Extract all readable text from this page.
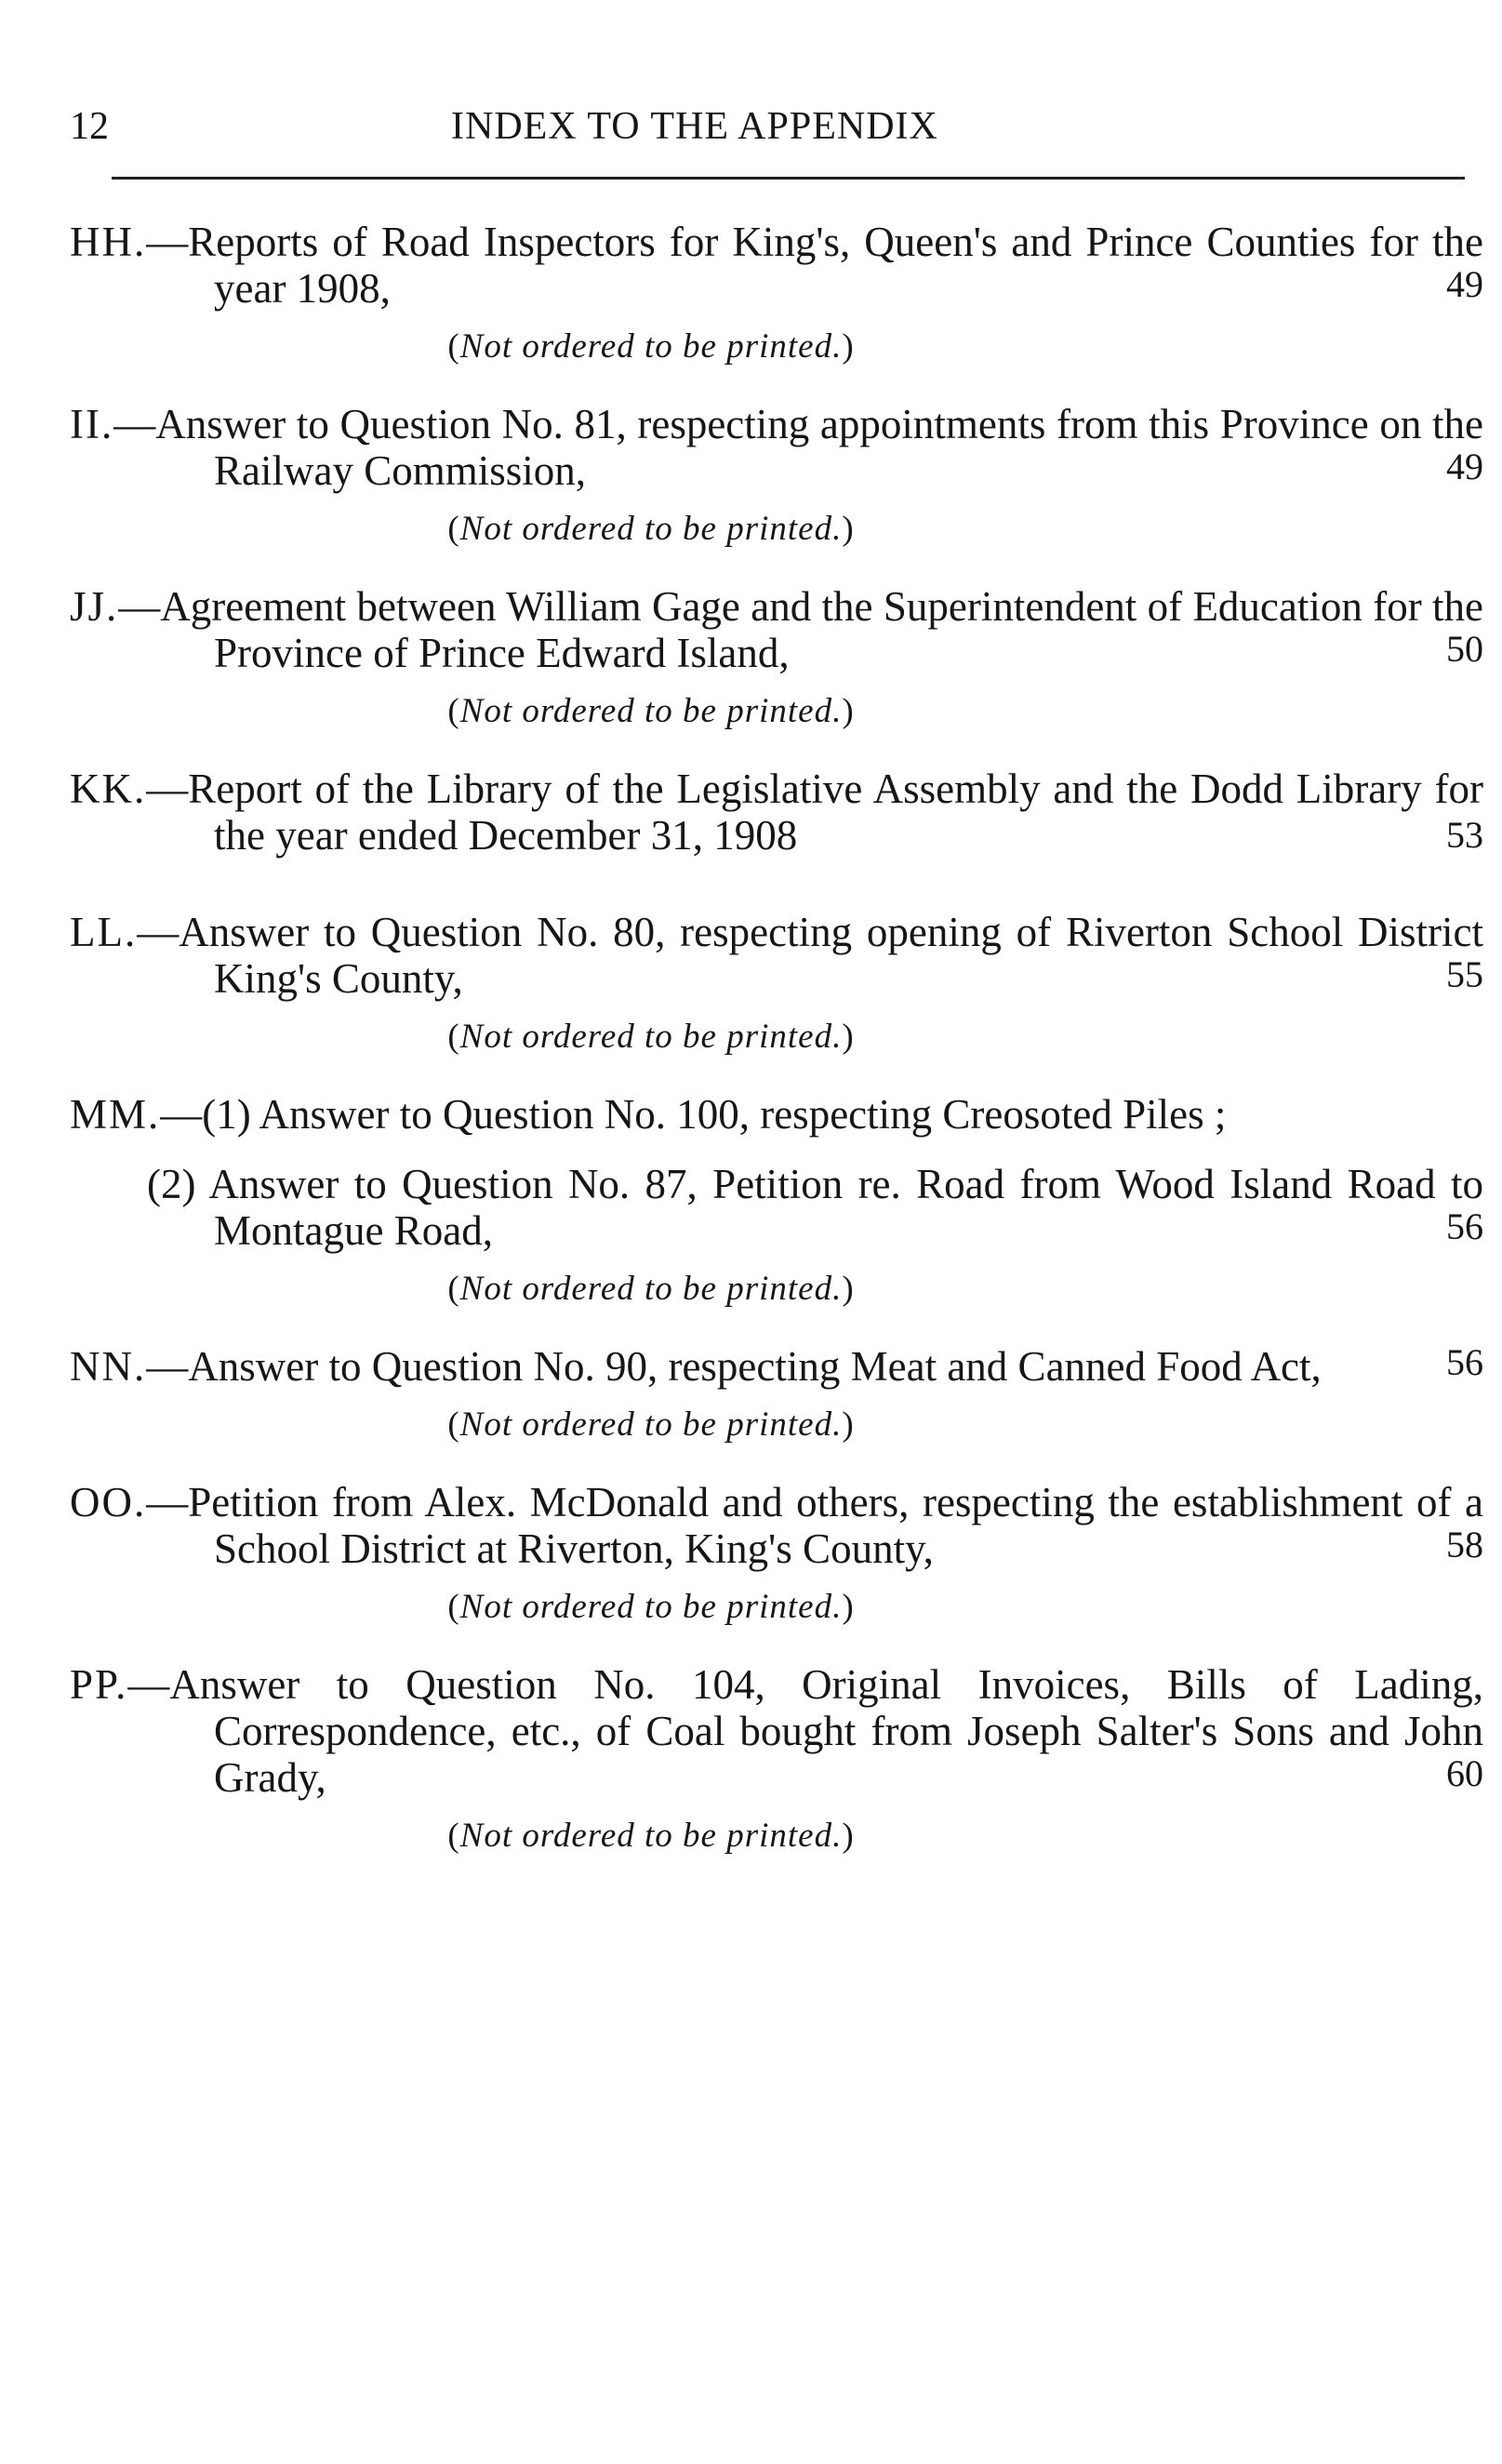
12	INDEX TO THE APPENDIX
HH.—Reports of Road Inspectors for King's, Queen's and Prince Counties for the year 1908,	49
(Not ordered to be printed.)
II.—Answer to Question No. 81, respecting appointments from this Province on the Railway Commission,	49
(Not ordered to be printed.)
JJ.—Agreement between William Gage and the Superintendent of Education for the Province of Prince Edward Island,	50
(Not ordered to be printed.)
KK.—Report of the Library of the Legislative Assembly and the Dodd Library for the year ended December 31, 1908	53
LL.—Answer to Question No. 80, respecting opening of Riverton School District King's County,	55
(Not ordered to be printed.)
MM.—(1) Answer to Question No. 100, respecting Creosoted Piles ;
(2) Answer to Question No. 87, Petition re. Road from Wood Island Road to Montague Road,	56
(Not ordered to be printed.)
NN.—Answer to Question No. 90, respecting Meat and Canned Food Act,	56
(Not ordered to be printed.)
OO.—Petition from Alex. McDonald and others, respecting the establishment of a School District at Riverton, King's County,	58
(Not ordered to be printed.)
PP.—Answer to Question No. 104, Original Invoices, Bills of Lading, Correspondence, etc., of Coal bought from Joseph Salter's Sons and John Grady,	60
(Not ordered to be printed.)
